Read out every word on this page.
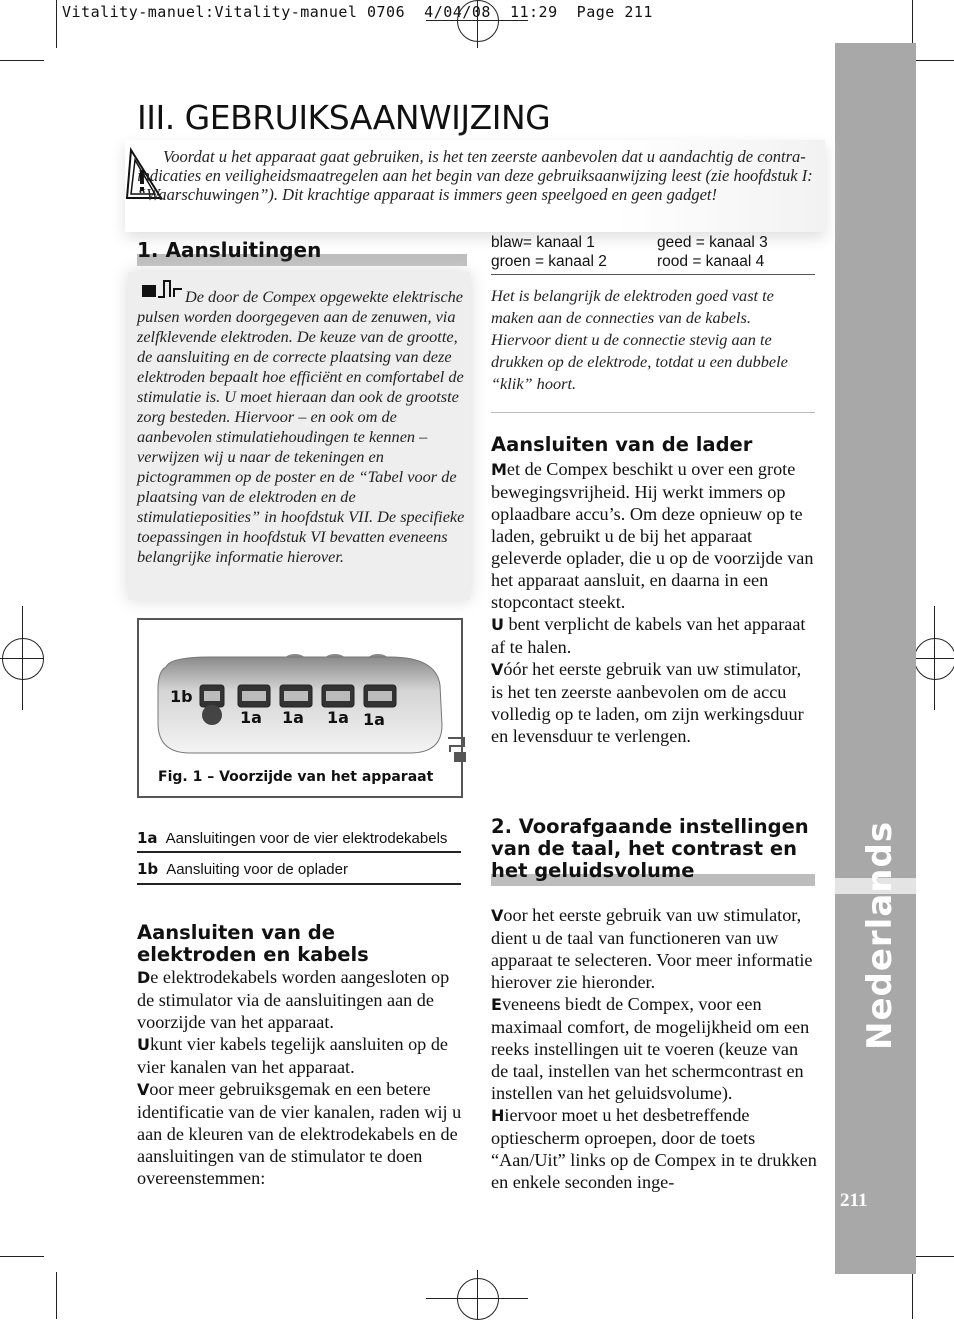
Vitality-manuel:Vitality-manuel 0706  4/04/08  11:29  Page 211
Nederlands
211
III. GEBRUIKSAANWIJZING
Voordat u het apparaat gaat gebruiken, is het ten zeerste aanbevolen dat u aandachtig de contra-indicaties en veiligheidsmaatregelen aan het begin van deze gebruiksaanwijzing leest (zie hoofdstuk I: “Waarschuwingen”). Dit krachtige apparaat is immers geen speelgoed en geen gadget!
1. Aansluitingen
De door de Compex opgewekte elektrische pulsen worden doorgegeven aan de zenuwen, via zelfklevende elektroden. De keuze van de grootte, de aansluiting en de correcte plaatsing van deze elektroden bepaalt hoe efficiënt en comfortabel de stimulatie is. U moet hieraan dan ook de grootste zorg besteden. Hiervoor – en ook om de aanbevolen stimulatiehoudingen te kennen – verwijzen wij u naar de tekeningen en pictogrammen op de poster en de “Tabel voor de plaatsing van de elektroden en de stimulatieposities” in hoofdstuk VII. De specifieke toepassingen in hoofdstuk VI bevatten eveneens belangrijke informatie hierover.
1b
1a 1a 1a 1a
Fig. 1 – Voorzijde van het apparaat
1a Aansluitingen voor de vier elektrodekabels
1b Aansluiting voor de oplader
Aansluiten van de elektroden en kabels
De elektrodekabels worden aangesloten op de stimulator via de aansluitingen aan de voorzijde van het apparaat.
Ukunt vier kabels tegelijk aansluiten op de vier kanalen van het apparaat.
Voor meer gebruiksgemak en een betere identificatie van de vier kanalen, raden wij u aan de kleuren van de elektrodekabels en de aansluitingen van de stimulator te doen overeenstemmen:
blaw= kanaal 1	geed = kanaal 3
groen = kanaal 2	rood = kanaal 4
Het is belangrijk de elektroden goed vast te maken aan de connecties van de kabels. Hiervoor dient u de connectie stevig aan te drukken op de elektrode, totdat u een dubbele “klik” hoort.
Aansluiten van de lader
Met de Compex beschikt u over een grote bewegingsvrijheid. Hij werkt immers op oplaadbare accu’s. Om deze opnieuw op te laden, gebruikt u de bij het apparaat geleverde oplader, die u op de voorzijde van het apparaat aansluit, en daarna in een stopcontact steekt.
U bent verplicht de kabels van het apparaat af te halen.
Vóór het eerste gebruik van uw stimulator, is het ten zeerste aanbevolen om de accu volledig op te laden, om zijn werkingsduur en levensduur te verlengen.
2. Voorafgaande instellingen van de taal, het contrast en het geluidsvolume
Voor het eerste gebruik van uw stimulator, dient u de taal van functioneren van uw apparaat te selecteren. Voor meer informatie hierover zie hieronder.
Eveneens biedt de Compex, voor een maximaal comfort, de mogelijkheid om een reeks instellingen uit te voeren (keuze van de taal, instellen van het schermcontrast en instellen van het geluidsvolume).
Hiervoor moet u het desbetreffende optiescherm oproepen, door de toets “Aan/Uit” links op de Compex in te drukken en enkele seconden inge-
